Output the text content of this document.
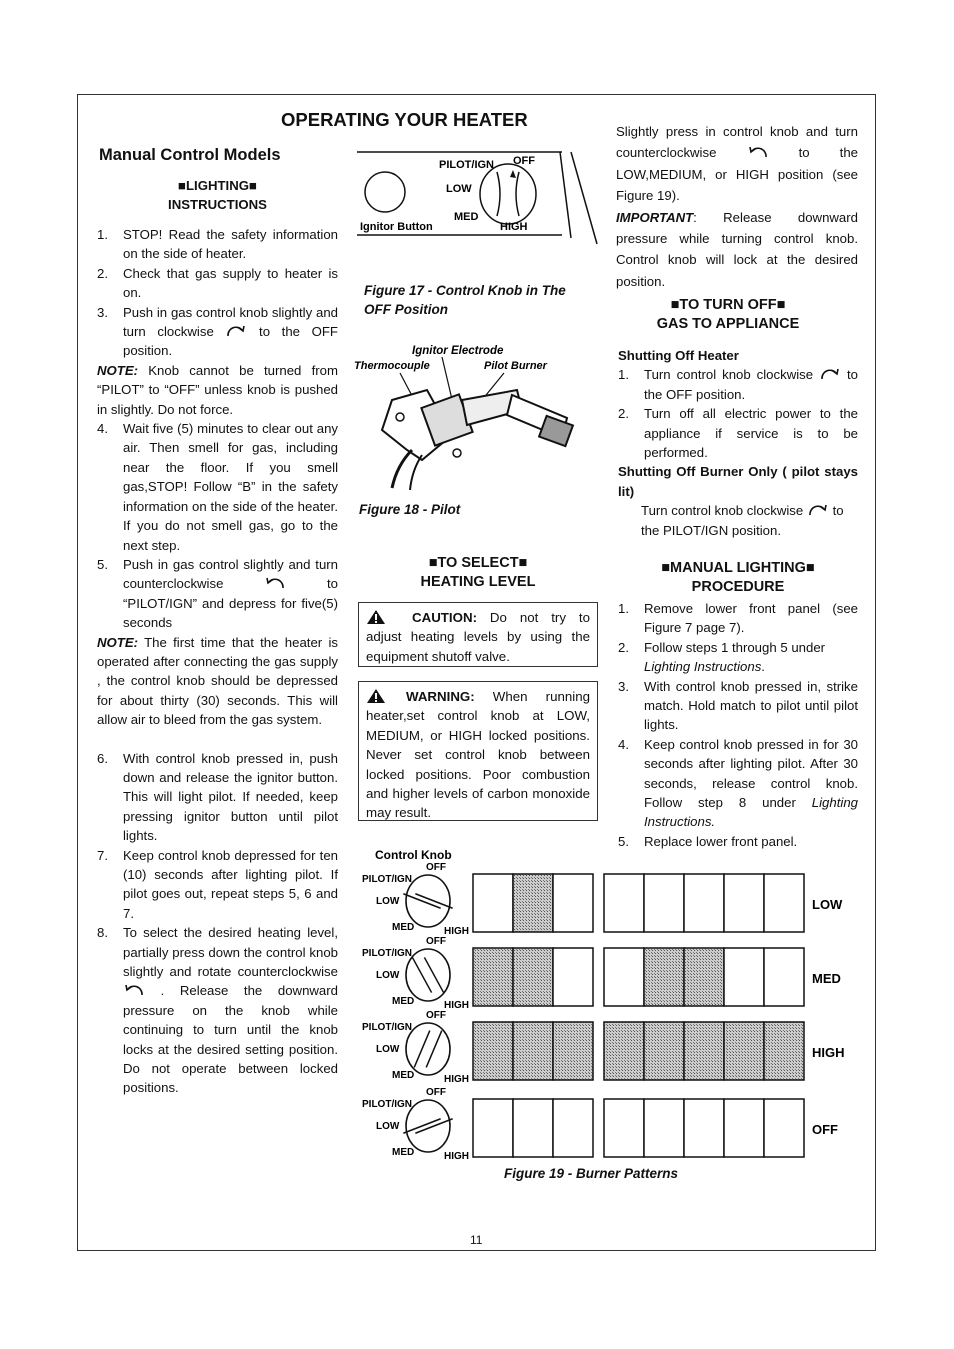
OPERATING YOUR HEATER
Manual Control Models
■LIGHTING■
INSTRUCTIONS
1. STOP! Read the safety information on the side of heater.
2. Check that gas supply to heater is on.
3. Push in gas control knob slightly and turn clockwise	to the OFF position.
NOTE: Knob cannot be turned from “PILOT” to “OFF” unless knob is pushed in slightly. Do not force.
4. Wait five (5) minutes to clear out any air. Then smell for gas, including near the floor. If you smell gas,STOP! Follow “B” in the safety information on the side of the heater. If you do not smell gas, go to the next step.
5. Push in gas control slightly and turn counterclockwise	to “PILOT/IGN” and depress for five(5) seconds
NOTE: The first time that the heater is operated after connecting the gas supply , the control knob should be depressed for about thirty (30) seconds. This will allow air to bleed from the gas system.
6. With control knob pressed in, push down and release the ignitor button. This will light pilot. If needed, keep pressing ignitor button until pilot lights.
7. Keep control knob depressed for ten (10) seconds after lighting pilot. If pilot goes out, repeat steps 5, 6 and 7.
8. To select the desired heating level, partially press down the control knob slightly and rotate counterclockwise  . Release the downward pressure on the knob while continuing to turn until the knob locks at the desired setting position. Do not operate between locked positions.
PILOT/IGN OFF
LOW
MED
HIGH
Ignitor Button
Figure 17 - Control Knob in The OFF Position
Ignitor Electrode
Thermocouple	Pilot Burner
Figure 18 - Pilot
■TO SELECT■
HEATING LEVEL
CAUTION: Do not try to adjust heating levels by using the equipment shutoff valve.
WARNING: When running heater,set control knob at LOW, MEDIUM, or HIGH locked positions. Never set control knob between locked positions. Poor combustion and higher levels of carbon monoxide may result.
Slightly press in control knob and turn counterclockwise	to the LOW,MEDIUM, or HIGH position (see Figure 19).
IMPORTANT: Release downward pressure while turning control knob. Control knob will lock at the desired position.
■TO TURN OFF■
GAS TO APPLIANCE
Shutting Off Heater
1. Turn control knob clockwise	to the OFF position.
2. Turn off all electric power to the appliance if service is to be performed.
Shutting Off Burner Only ( pilot stays lit)
Turn control knob clockwise to the PILOT/IGN position.
■MANUAL LIGHTING■
PROCEDURE
1. Remove lower front panel (see Figure 7 page 7).
2. Follow steps 1 through 5 under Lighting Instructions.
3. With control knob pressed in, strike match. Hold match to pilot until pilot lights.
4. Keep control knob pressed in for 30 seconds after lighting pilot. After 30 seconds, release control knob. Follow step 8 under Lighting Instructions.
5. Replace lower front panel.
Control Knob
OFF
PILOT/IGN
LOW
MED	HIGH
LOW
OFF
PILOT/IGN
LOW
MED	HIGH
MED
OFF
PILOT/IGN
LOW
MED	HIGH
HIGH
OFF
PILOT/IGN
LOW
MED	HIGH
OFF
Figure 19 - Burner Patterns
11
